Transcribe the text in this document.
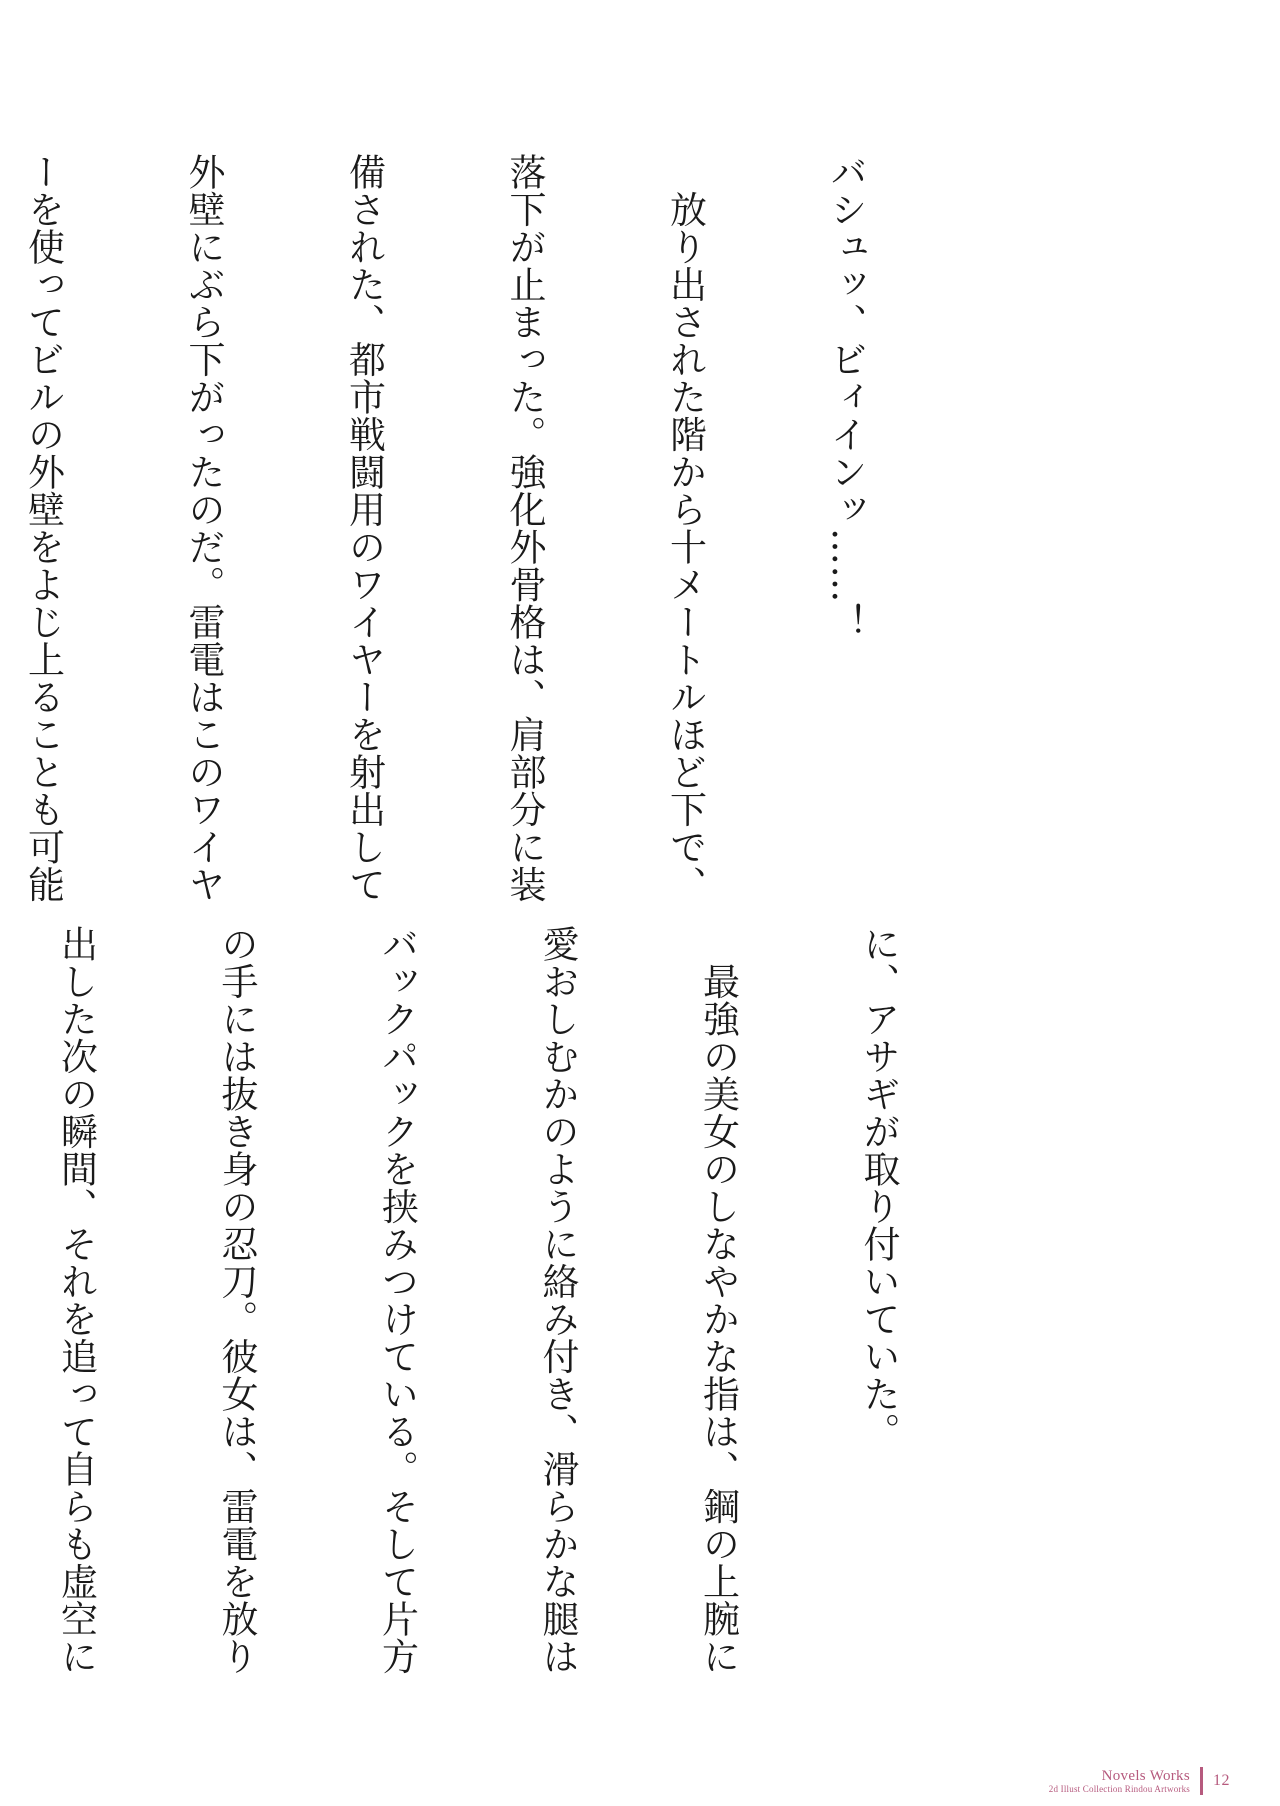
バシュッ、ビィインッ……！

　放り出された階から十メートルほど下で、

落下が止まった。強化外骨格は、肩部分に装

備された、都市戦闘用のワイヤーを射出して

外壁にぶら下がったのだ。雷電はこのワイヤ

ーを使ってビルの外壁をよじ上ることも可能

に、アサギが取り付いていた。

　最強の美女のしなやかな指は、鋼の上腕に

愛おしむかのように絡み付き、滑らかな腿は

バックパックを挟みつけている。そして片方

の手には抜き身の忍刀。彼女は、雷電を放り

出した次の瞬間、それを追って自らも虚空に

Novels Works
2d Illust Collection Rindou Artworks 12
